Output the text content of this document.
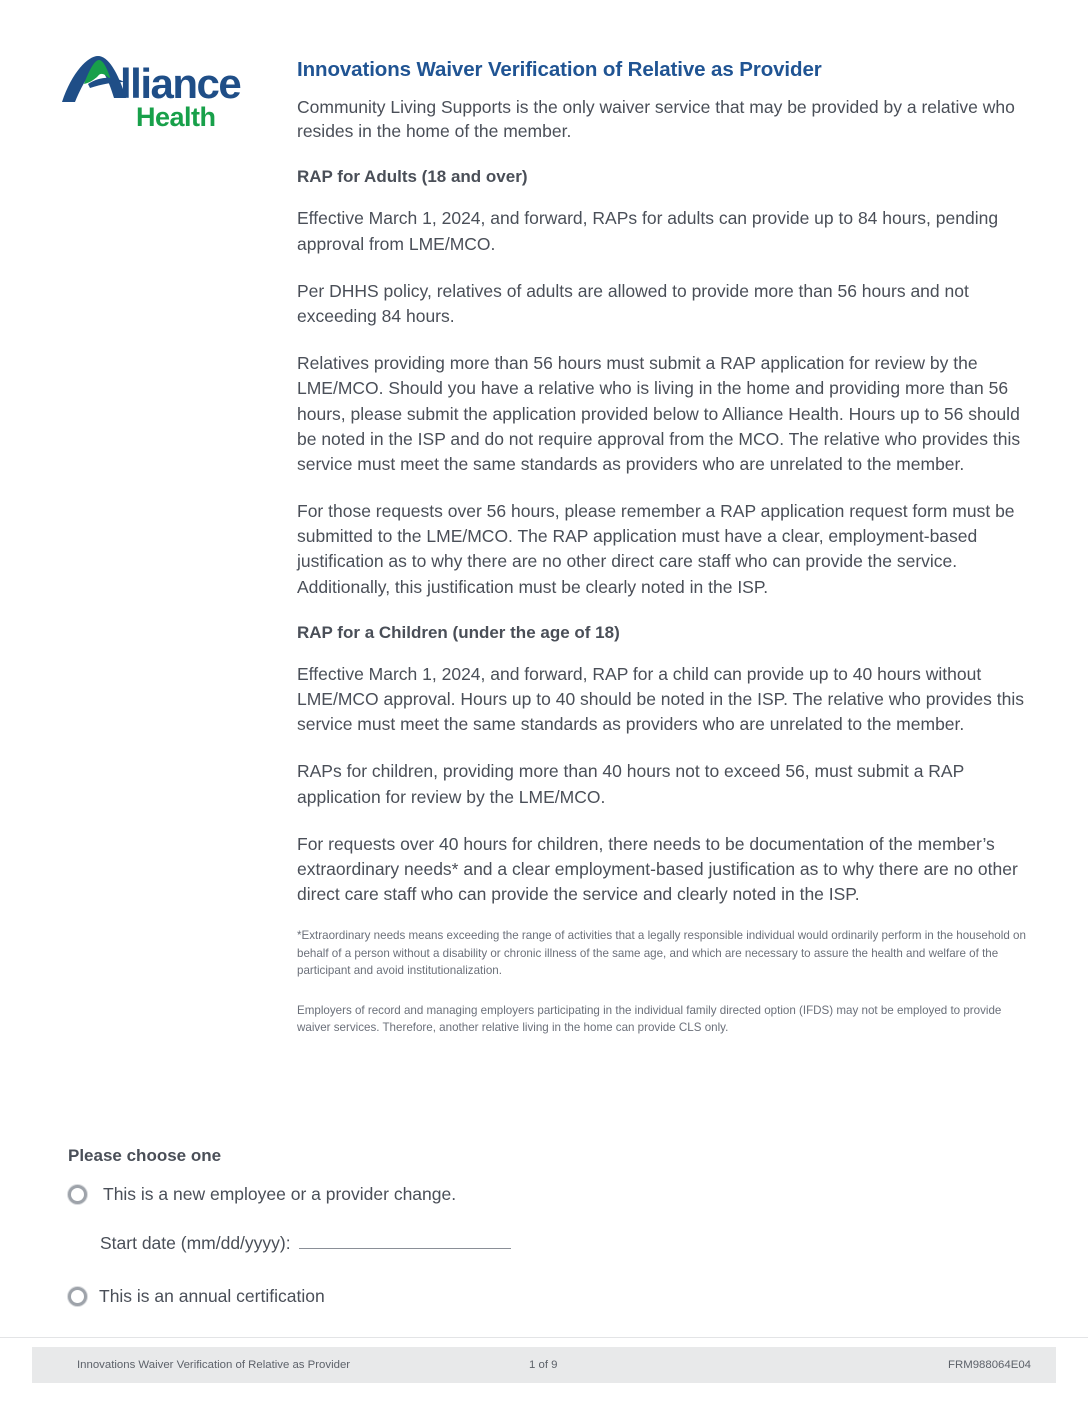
lliance
Health
Innovations Waiver Verification of Relative as Provider

Community Living Supports is the only waiver service that may be provided by a relative who resides in the home of the member.

RAP for Adults (18 and over)

Effective March 1, 2024, and forward, RAPs for adults can provide up to 84 hours, pending approval from LME/MCO.

Per DHHS policy, relatives of adults are allowed to provide more than 56 hours and not exceeding 84 hours.

Relatives providing more than 56 hours must submit a RAP application for review by the LME/MCO. Should you have a relative who is living in the home and providing more than 56 hours, please submit the application provided below to Alliance Health. Hours up to 56 should be noted in the ISP and do not require approval from the MCO. The relative who provides this service must meet the same standards as providers who are unrelated to the member.

For those requests over 56 hours, please remember a RAP application request form must be submitted to the LME/MCO. The RAP application must have a clear, employment-based justification as to why there are no other direct care staff who can provide the service. Additionally, this justification must be clearly noted in the ISP.

RAP for a Children (under the age of 18)

Effective March 1, 2024, and forward, RAP for a child can provide up to 40 hours without LME/MCO approval. Hours up to 40 should be noted in the ISP. The relative who provides this service must meet the same standards as providers who are unrelated to the member.

RAPs for children, providing more than 40 hours not to exceed 56, must submit a RAP application for review by the LME/MCO.

For requests over 40 hours for children, there needs to be documentation of the member’s extraordinary needs* and a clear employment-based justification as to why there are no other direct care staff who can provide the service and clearly noted in the ISP.

*Extraordinary needs means exceeding the range of activities that a legally responsible individual would ordinarily perform in the household on behalf of a person without a disability or chronic illness of the same age, and which are necessary to assure the health and welfare of the participant and avoid institutionalization.

Employers of record and managing employers participating in the individual family directed option (IFDS) may not be employed to provide waiver services. Therefore, another relative living in the home can provide CLS only.

Please choose one
This is a new employee or a provider change.
Start date (mm/dd/yyyy):
This is an annual certification
Innovations Waiver Verification of Relative as Provider	1 of 9	FRM988064E04
